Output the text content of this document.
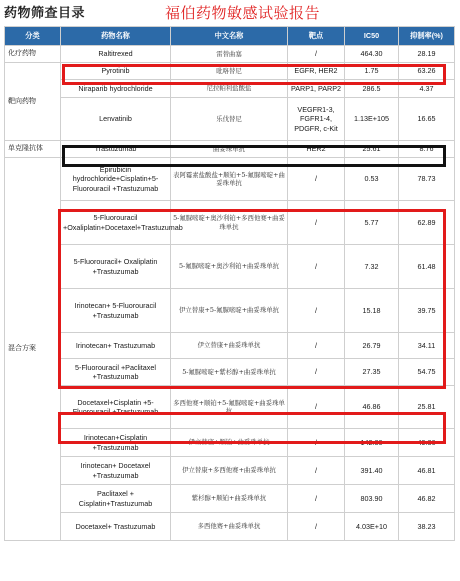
药物筛查目录	福伯药物敏感试验报告
分类	药物名称	中文名称	靶点	IC50	抑制率(%)
化疗药物	Raltitrexed	雷替曲塞	/	464.30	28.19
靶向药物	Pyrotinib	吡咯替尼	EGFR, HER2	1.75	63.26
	Niraparib hydrochloride	尼拉帕利盐酸盐	PARP1, PARP2	286.5	4.37
	Lenvatinib	乐伐替尼	VEGFR1-3, FGFR1-4, PDGFR, c-Kit	1.13E+105	16.65
单克隆抗体	Trastuzumab	曲妥珠单抗	HER2	25.61	8.76
混合方案	Epirubicin hydrochloride+Cisplatin+5-Fluorouracil +Trastuzumab	表阿霉素盐酸盐+顺铂+5-氟脲嘧啶+曲妥珠单抗	/	0.53	78.73
	5-Fluorouracil +Oxaliplatin+Docetaxel+Trastuzumab	5-氟脲嘧啶+奥沙利铂+多西他赛+曲妥珠单抗	/	5.77	62.89
	5-Fluorouracil+ Oxaliplatin +Trastuzumab	5-氟脲嘧啶+奥沙利铂+曲妥珠单抗	/	7.32	61.48
	Irinotecan+ 5-Fluorouracil +Trastuzumab	伊立替康+5-氟脲嘧啶+曲妥珠单抗	/	15.18	39.75
	Irinotecan+ Trastuzumab	伊立替康+曲妥珠单抗	/	26.79	34.11
	5-Fluorouracil +Paclitaxel +Trastuzumab	5-氟脲嘧啶+紫杉醇+曲妥珠单抗	/	27.35	54.75
	Docetaxel+Cisplatin +5-Fluorouracil +Trastuzumab	多西他赛+顺铂+5-氟脲嘧啶+曲妥珠单抗	/	46.86	25.81
	Irinotecan+Cisplatin +Trastuzumab	伊立替康+顺铂+曲妥珠单抗	/	142.80	49.86
	Irinotecan+ Docetaxel +Trastuzumab	伊立替康+多西他赛+曲妥珠单抗	/	391.40	46.81
	Paclitaxel + Cisplatin+Trastuzumab	紫杉醇+顺铂+曲妥珠单抗	/	803.90	46.82
	Docetaxel+ Trastuzumab	多西他赛+曲妥珠单抗	/	4.03E+10	38.23
